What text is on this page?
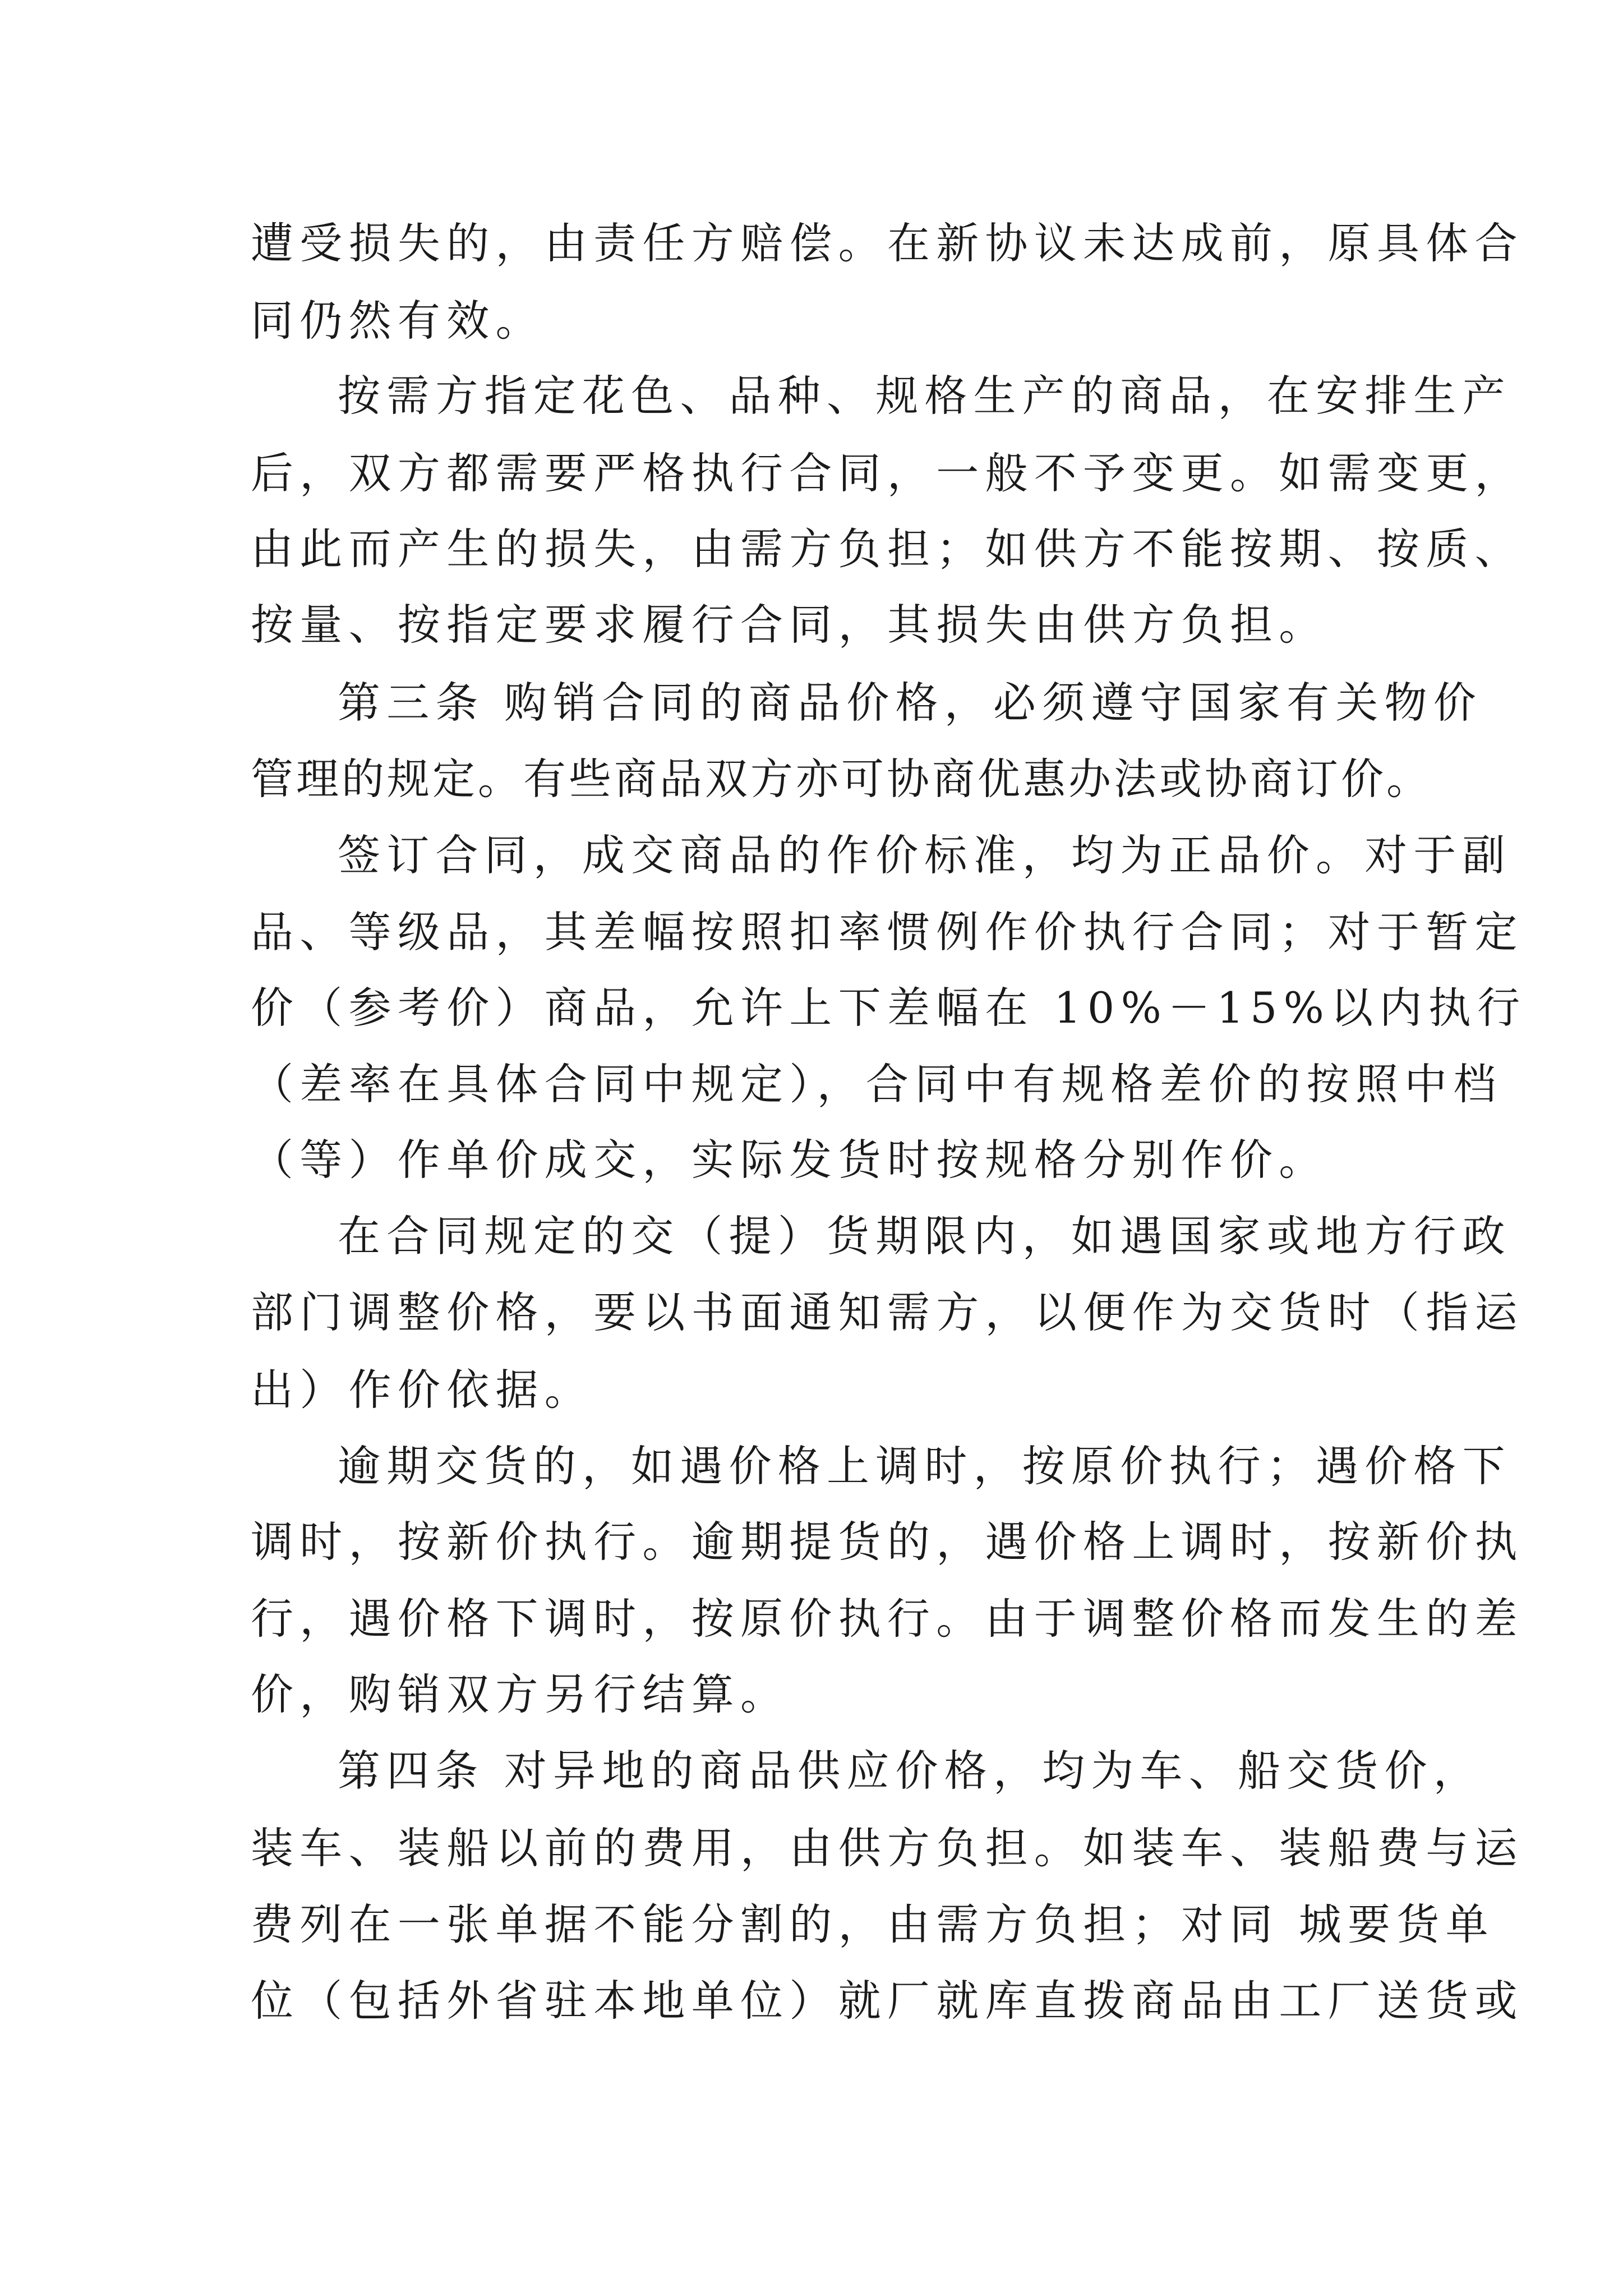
遭受损失的，由责任方赔偿。在新协议未达成前，原具体合

同仍然有效。

按需方指定花色、品种、规格生产的商品，在安排生产

后，双方都需要严格执行合同，一般不予变更。如需变更，

由此而产生的损失，由需方负担；如供方不能按期、按质、

按量、按指定要求履行合同，其损失由供方负担。

第三条 购销合同的商品价格，必须遵守国家有关物价

管理的规定。有些商品双方亦可协商优惠办法或协商订价。

签订合同，成交商品的作价标准，均为正品价。对于副

品、等级品，其差幅按照扣率惯例作价执行合同；对于暂定

价（参考价）商品，允许上下差幅在 10%－15%以内执行

（差率在具体合同中规定），合同中有规格差价的按照中档

（等）作单价成交，实际发货时按规格分别作价。

在合同规定的交（提）货期限内，如遇国家或地方行政

部门调整价格，要以书面通知需方，以便作为交货时（指运

出）作价依据。

逾期交货的，如遇价格上调时，按原价执行；遇价格下

调时，按新价执行。逾期提货的，遇价格上调时，按新价执

行，遇价格下调时，按原价执行。由于调整价格而发生的差

价，购销双方另行结算。

第四条 对异地的商品供应价格，均为车、船交货价，

装车、装船以前的费用，由供方负担。如装车、装船费与运

费列在一张单据不能分割的，由需方负担；对同 城要货单

位（包括外省驻本地单位）就厂就库直拨商品由工厂送货或
